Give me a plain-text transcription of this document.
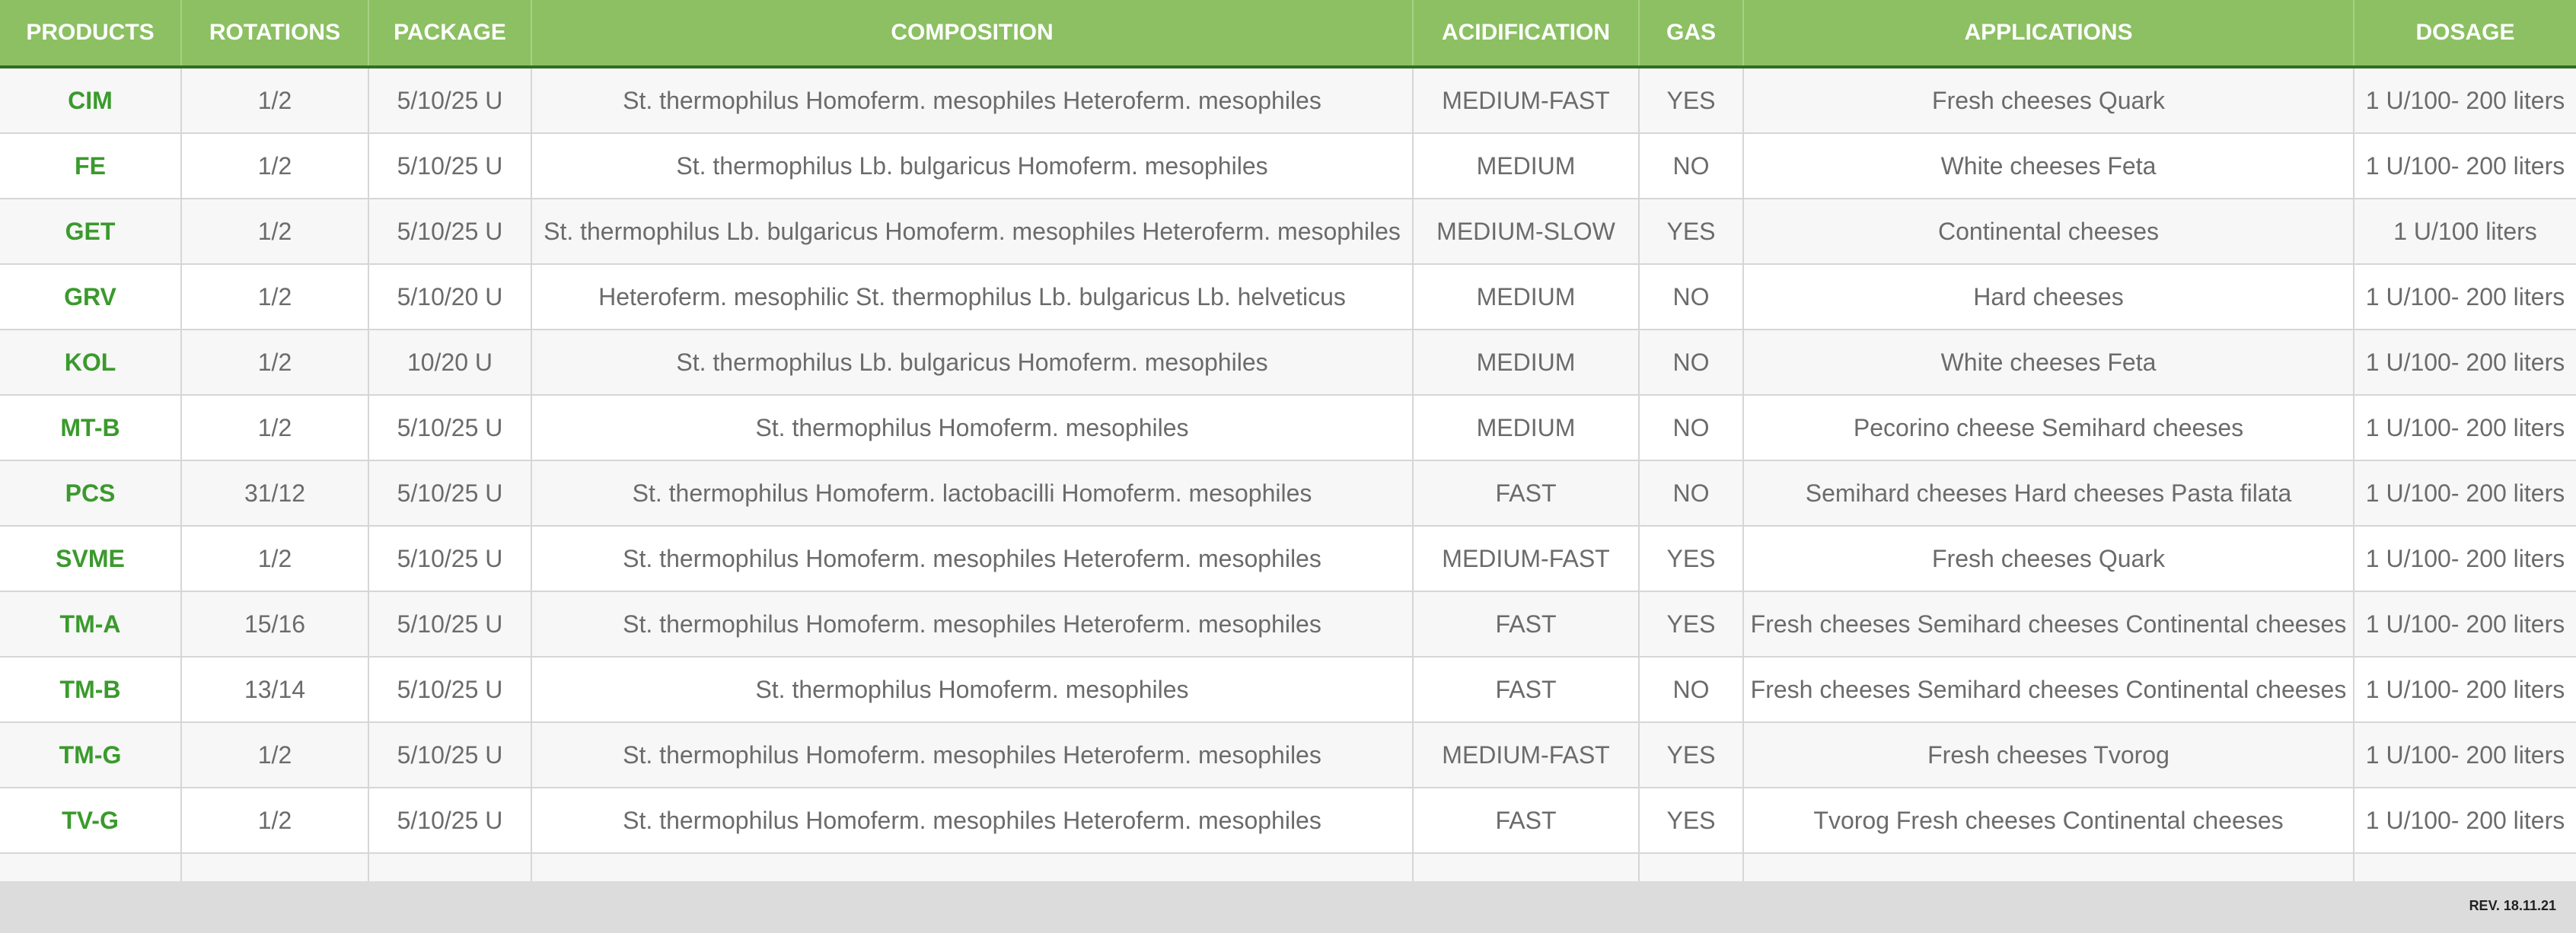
PRODUCTS	ROTATIONS	PACKAGE	COMPOSITION	ACIDIFICATION	GAS	APPLICATIONS	DOSAGE
CIM	1/2	5/10/25 U	St. thermophilus Homoferm. mesophiles Heteroferm. mesophiles	MEDIUM-FAST	YES	Fresh cheeses Quark	1 U/100- 200 liters
FE	1/2	5/10/25 U	St. thermophilus Lb. bulgaricus Homoferm. mesophiles	MEDIUM	NO	White cheeses Feta	1 U/100- 200 liters
GET	1/2	5/10/25 U	St. thermophilus Lb. bulgaricus Homoferm. mesophiles Heteroferm. mesophiles	MEDIUM-SLOW	YES	Continental cheeses	1 U/100 liters
GRV	1/2	5/10/20 U	Heteroferm. mesophilic St. thermophilus Lb. bulgaricus Lb. helveticus	MEDIUM	NO	Hard cheeses	1 U/100- 200 liters
KOL	1/2	10/20 U	St. thermophilus Lb. bulgaricus Homoferm. mesophiles	MEDIUM	NO	White cheeses Feta	1 U/100- 200 liters
MT-B	1/2	5/10/25 U	St. thermophilus Homoferm. mesophiles	MEDIUM	NO	Pecorino cheese Semihard cheeses	1 U/100- 200 liters
PCS	31/12	5/10/25 U	St. thermophilus Homoferm. lactobacilli Homoferm. mesophiles	FAST	NO	Semihard cheeses Hard cheeses Pasta filata	1 U/100- 200 liters
SVME	1/2	5/10/25 U	St. thermophilus Homoferm. mesophiles Heteroferm. mesophiles	MEDIUM-FAST	YES	Fresh cheeses Quark	1 U/100- 200 liters
TM-A	15/16	5/10/25 U	St. thermophilus Homoferm. mesophiles Heteroferm. mesophiles	FAST	YES	Fresh cheeses Semihard cheeses Continental cheeses	1 U/100- 200 liters
TM-B	13/14	5/10/25 U	St. thermophilus Homoferm. mesophiles	FAST	NO	Fresh cheeses Semihard cheeses Continental cheeses	1 U/100- 200 liters
TM-G	1/2	5/10/25 U	St. thermophilus Homoferm. mesophiles Heteroferm. mesophiles	MEDIUM-FAST	YES	Fresh cheeses Tvorog	1 U/100- 200 liters
TV-G	1/2	5/10/25 U	St. thermophilus Homoferm. mesophiles Heteroferm. mesophiles	FAST	YES	Tvorog Fresh cheeses Continental cheeses	1 U/100- 200 liters

REV. 18.11.21
